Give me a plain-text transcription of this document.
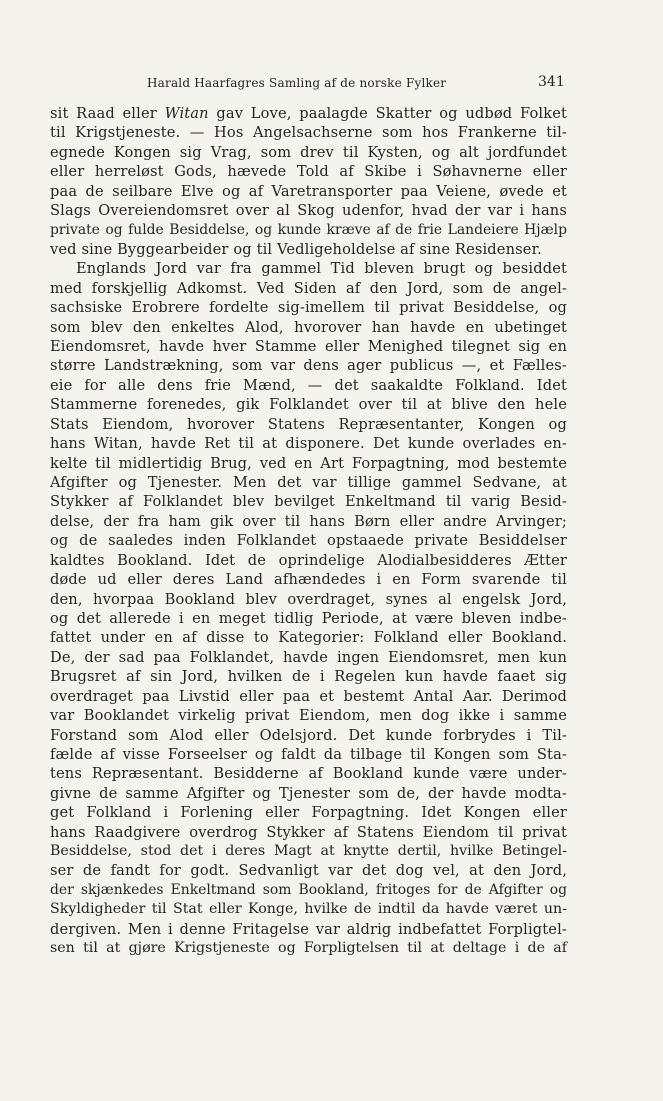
Harald Haarfagres Samling af de norske Fylker	341
sit Raad eller Witan gav Love, paalagde Skatter og udbød Folket
til Krigstjeneste. — Hos Angelsachserne som hos Frankerne til-
egnede Kongen sig Vrag, som drev til Kysten, og alt jordfundet
eller herreløst Gods, hævede Told af Skibe i Søhavnerne eller
paa de seilbare Elve og af Varetransporter paa Veiene, øvede et
Slags Overeiendomsret over al Skog udenfor, hvad der var i hans
private og fulde Besiddelse, og kunde kræve af de frie Landeiere Hjælp
ved sine Byggearbeider og til Vedligeholdelse af sine Residenser.
Englands Jord var fra gammel Tid bleven brugt og besiddet
med forskjellig Adkomst. Ved Siden af den Jord, som de angel-
sachsiske Erobrere fordelte sig-imellem til privat Besiddelse, og
som blev den enkeltes Alod, hvorover han havde en ubetinget
Eiendomsret, havde hver Stamme eller Menighed tilegnet sig en
større Landstrækning, som var dens ager publicus —, et Fælles-
eie for alle dens frie Mænd, — det saakaldte Folkland. Idet
Stammerne forenedes, gik Folklandet over til at blive den hele
Stats Eiendom, hvorover Statens Repræsentanter, Kongen og
hans Witan, havde Ret til at disponere. Det kunde overlades en-
kelte til midlertidig Brug, ved en Art Forpagtning, mod bestemte
Afgifter og Tjenester. Men det var tillige gammel Sedvane, at
Stykker af Folklandet blev bevilget Enkeltmand til varig Besid-
delse, der fra ham gik over til hans Børn eller andre Arvinger;
og de saaledes inden Folklandet opstaaede private Besiddelser
kaldtes Bookland. Idet de oprindelige Alodialbesidderes Ætter
døde ud eller deres Land afhændedes i en Form svarende til
den, hvorpaa Bookland blev overdraget, synes al engelsk Jord,
og det allerede i en meget tidlig Periode, at være bleven indbe-
fattet under en af disse to Kategorier: Folkland eller Bookland.
De, der sad paa Folklandet, havde ingen Eiendomsret, men kun
Brugsret af sin Jord, hvilken de i Regelen kun havde faaet sig
overdraget paa Livstid eller paa et bestemt Antal Aar. Derimod
var Booklandet virkelig privat Eiendom, men dog ikke i samme
Forstand som Alod eller Odelsjord. Det kunde forbrydes i Til-
fælde af visse Forseelser og faldt da tilbage til Kongen som Sta-
tens Repræsentant. Besidderne af Bookland kunde være under-
givne de samme Afgifter og Tjenester som de, der havde modta-
get Folkland i Forlening eller Forpagtning. Idet Kongen eller
hans Raadgivere overdrog Stykker af Statens Eiendom til privat
Besiddelse, stod det i deres Magt at knytte dertil, hvilke Betingel-
ser de fandt for godt. Sedvanligt var det dog vel, at den Jord,
der skjænkedes Enkeltmand som Bookland, fritoges for de Afgifter og
Skyldigheder til Stat eller Konge, hvilke de indtil da havde været un-
dergiven. Men i denne Fritagelse var aldrig indbefattet Forpligtel-
sen til at gjøre Krigstjeneste og Forpligtelsen til at deltage i de af
